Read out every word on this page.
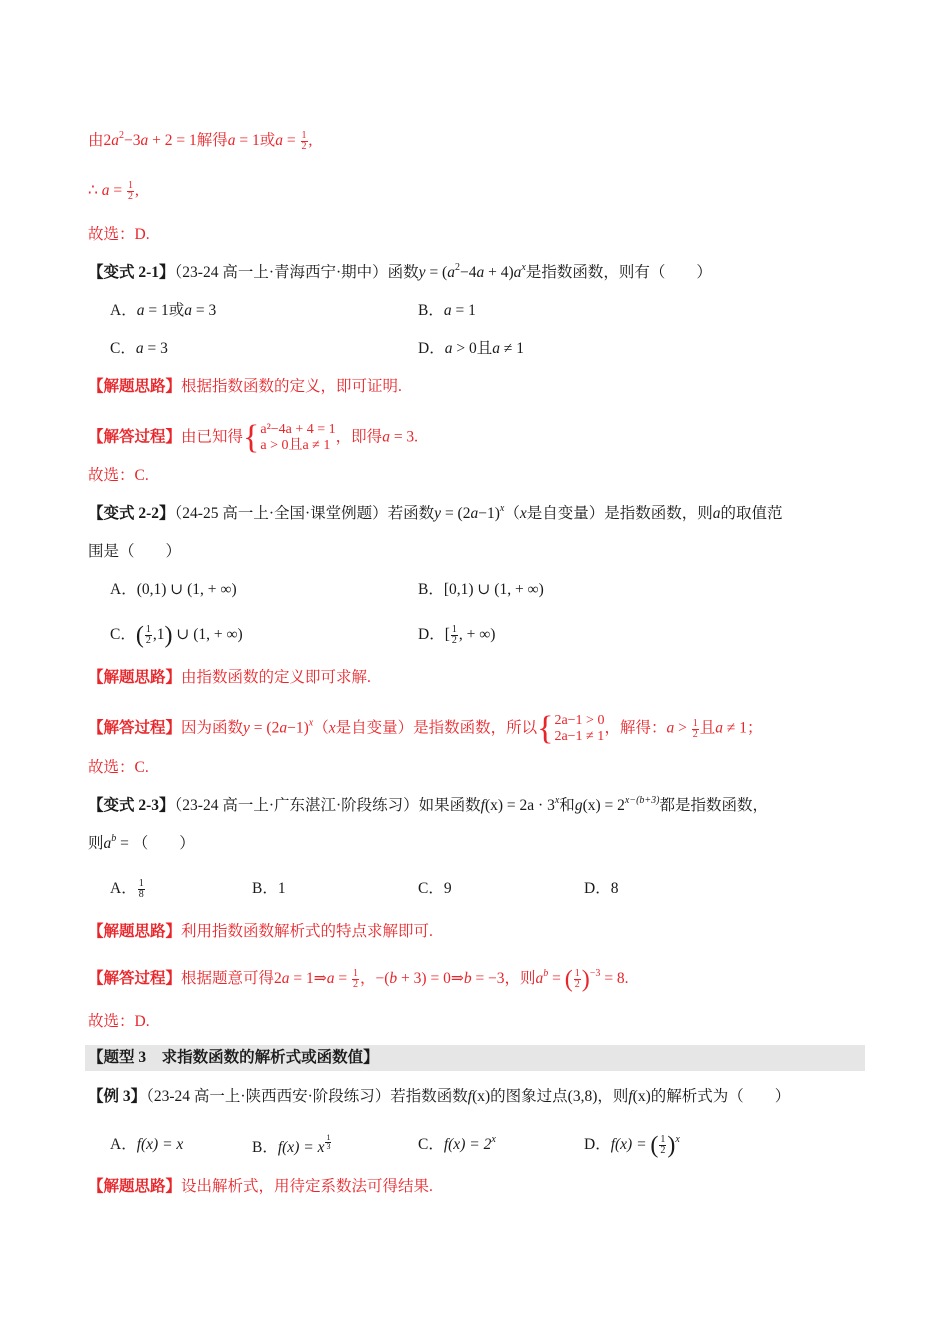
由$2a^2-3a + 2 = 1$解得a = 1或$a = \frac{1}{2}$ ,
∴ $a = \frac{1}{2}$ ,
故选：D.
【变式 2-1】（23-24 高一上·青海西宁·期中）函数$y = (a^2-4a + 4)a^x$是指数函数，则有（　　）
A．a = 1或a = 3	B．a = 1
C．a = 3	D．a > 0且a ≠ 1
【解题思路】根据指数函数的定义，即可证明.
【解答过程】由已知得{ a²−4a + 4 = 1
a > 0且a ≠ 1 ，即得a = 3.
故选：C.
【变式 2-2】（24-25 高一上·全国·课堂例题）若函数$y = (2a-1)^x(x$是自变量）是指数函数，则a的取值范
围是（　　）
A．(0,1) ∪ (1, + ∞)	B．[0,1) ∪ (1, + ∞)
C．( $\frac{1}{2} ,1$) ∪ (1, + ∞)	D．[ $\frac{1}{2}$ , + ∞)
【解题思路】由指数函数的定义即可求解.
【解答过程】因为函数$y = (2a-1)^x(x$是自变量）是指数函数，所以{ 2a−1 > 0
2a−1 ≠ 1 ，解得：$a > \frac{1}{2}$ 且a ≠ 1；
故选：C.
【变式 2-3】（23-24 高一上·广东湛江·阶段练习）如果函数$f(x) = 2a \cdot 3^x$和$g(x) = 2^{x-(b+3)}$都是指数函数，
则$a^b$ = （　　）
A． $\frac{1}{8}$	B．1	C．9	D．8
【解题思路】利用指数函数解析式的特点求解即可.
【解答过程】根据题意可得2a = 1⇒a = $\frac{1}{2}$ ，−(b + 3) = 0⇒b = −3，则$a^b$ = ( $\frac{1}{2} )^{-3} = 8$.
故选：D.
【题型 3　求指数函数的解析式或函数值】
【例 3】（23-24 高一上·陕西西安·阶段练习）若指数函数f(x)的图象过点(3,8)，则f(x)的解析式为（　　）
A．f(x) = x	B．f(x) = x $^{\frac{1}{3}}$	C．$f(x) = 2^x$	D．f(x) = ( $\frac{1}{2} )^x$
【解题思路】设出解析式，用待定系数法可得结果.
